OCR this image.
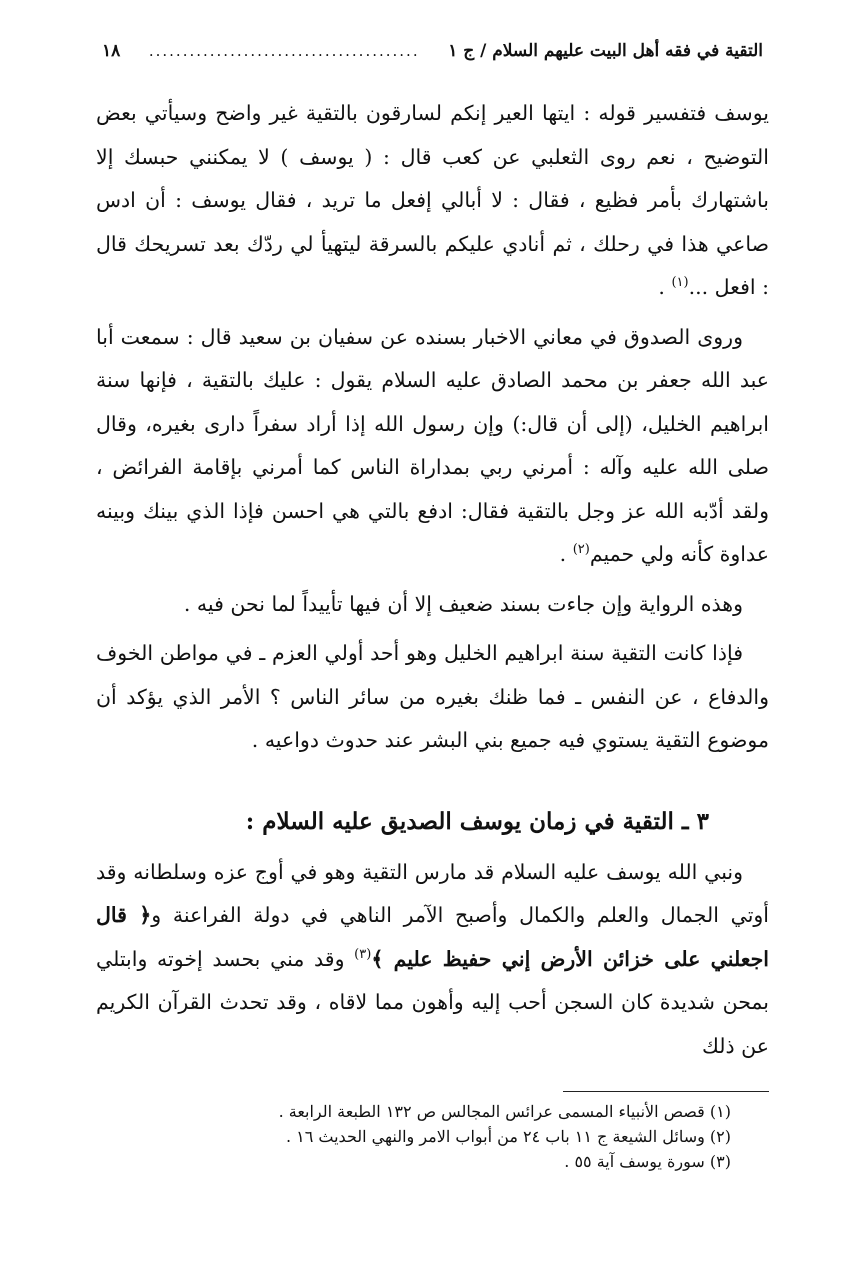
التقية في فقه أهل البيت عليهم السلام / ج ١
........................................
١٨

يوسف فتفسير قوله : ايتها العير إنكم لسارقون بالتقية غير واضح وسيأتي بعض التوضيح ، نعم روى الثعلبي عن كعب قال : ( يوسف ) لا يمكنني حبسك إلا باشتهارك بأمر فظيع ، فقال : لا أبالي إفعل ما تريد ، فقال يوسف : أن ادس صاعي هذا في رحلك ، ثم أنادي عليكم بالسرقة ليتهيأ لي ردّك بعد تسريحك قال : افعل ...$^{(١)}$ .

وروى الصدوق في معاني الاخبار بسنده عن سفيان بن سعيد قال : سمعت أبا عبد الله جعفر بن محمد الصادق عليه السلام يقول : عليك بالتقية ، فإنها سنة ابراهيم الخليل، (إلى أن قال:) وإن رسول الله إذا أراد سفراً دارى بغيره، وقال صلى الله عليه وآله : أمرني ربي بمداراة الناس كما أمرني بإقامة الفرائض ، ولقد أدّبه الله عز وجل بالتقية فقال: ادفع بالتي هي احسن فإذا الذي بينك وبينه عداوة كأنه ولي حميم$^{(٢)}$ .

وهذه الرواية وإن جاءت بسند ضعيف إلا أن فيها تأييداً لما نحن فيه .

فإذا كانت التقية سنة ابراهيم الخليل وهو أحد أولي العزم ـ في مواطن الخوف والدفاع ، عن النفس ـ فما ظنك بغيره من سائر الناس ؟ الأمر الذي يؤكد أن موضوع التقية يستوي فيه جميع بني البشر عند حدوث دواعيه .

٣ ـ التقية في زمان يوسف الصديق عليه السلام :

ونبي الله يوسف عليه السلام قد مارس التقية وهو في أوج عزه وسلطانه وقد أوتي الجمال والعلم والكمال وأصبح الآمر الناهي في دولة الفراعنة و﴿ قال اجعلني على خزائن الأرض إني حفيظ عليم ﴾$^{(٣)}$ وقد مني بحسد إخوته وابتلي بمحن شديدة كان السجن أحب إليه وأهون مما لاقاه ، وقد تحدث القرآن الكريم عن ذلك

(١) قصص الأنبياء المسمى عرائس المجالس ص ١٣٢ الطبعة الرابعة .
(٢) وسائل الشيعة ج ١١ باب ٢٤ من أبواب الامر والنهي الحديث ١٦ .
(٣) سورة يوسف آية ٥٥ .
